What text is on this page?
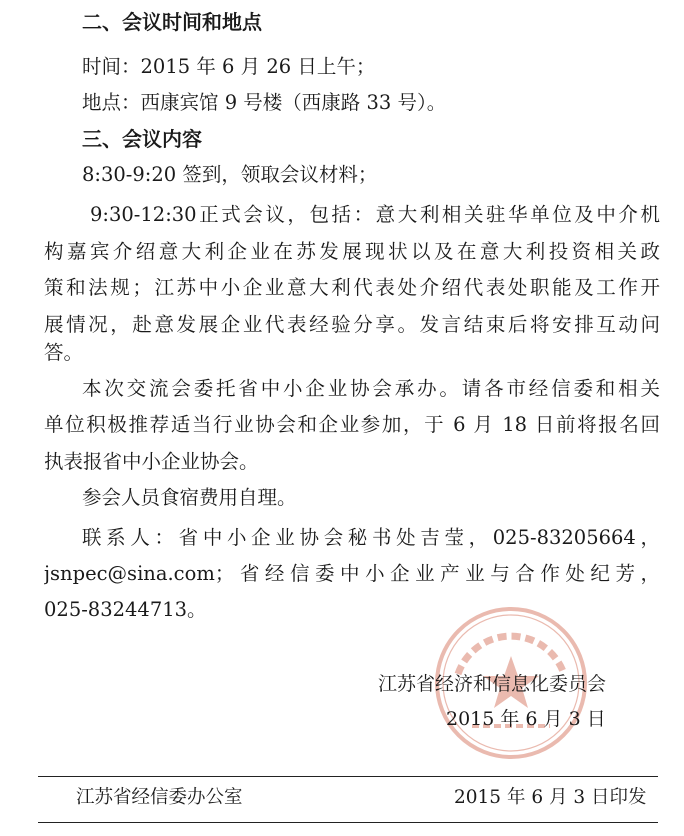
二、会议时间和地点
时间：2015 年 6 月 26 日上午；
地点：西康宾馆 9 号楼（西康路 33 号）。
三、会议内容
8:30-9:20 签到，领取会议材料；
9:30-12:30正式会议，包括：意大利相关驻华单位及中介机
构嘉宾介绍意大利企业在苏发展现状以及在意大利投资相关政
策和法规；江苏中小企业意大利代表处介绍代表处职能及工作开
展情况，赴意发展企业代表经验分享。发言结束后将安排互动问
答。
本次交流会委托省中小企业协会承办。请各市经信委和相关
单位积极推荐适当行业协会和企业参加，于 6 月 18 日前将报名回
执表报省中小企业协会。
参会人员食宿费用自理。
联系人：省中小企业协会秘书处吉莹，025-83205664，
jsnpec@sina.com；省经信委中小企业产业与合作处纪芳，
025-83244713。
江苏省经济和信息化委员会
2015 年 6 月 3 日
江苏省经信委办公室	2015 年 6 月 3 日印发
